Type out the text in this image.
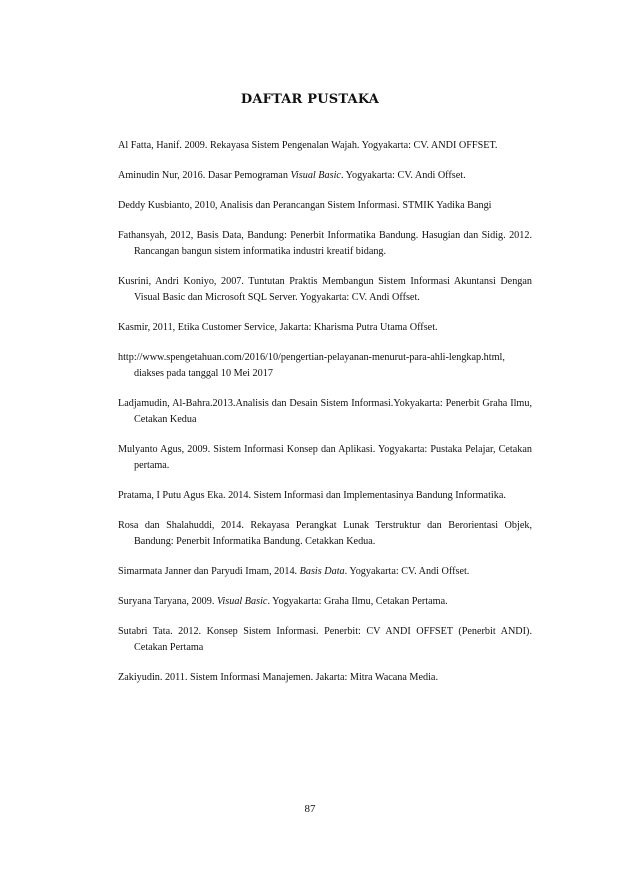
DAFTAR PUSTAKA
Al Fatta, Hanif. 2009. Rekayasa Sistem Pengenalan Wajah. Yogyakarta: CV. ANDI OFFSET.
Aminudin Nur, 2016. Dasar Pemograman Visual Basic. Yogyakarta: CV. Andi Offset.
Deddy Kusbianto, 2010, Analisis dan Perancangan Sistem Informasi. STMIK Yadika Bangi
Fathansyah, 2012, Basis Data, Bandung: Penerbit Informatika Bandung. Hasugian dan Sidig. 2012. Rancangan bangun sistem informatika industri kreatif bidang.
Kusrini, Andri Koniyo, 2007. Tuntutan Praktis Membangun Sistem Informasi Akuntansi Dengan Visual Basic dan Microsoft SQL Server. Yogyakarta: CV. Andi Offset.
Kasmir, 2011, Etika Customer Service, Jakarta: Kharisma Putra Utama Offset.
http://www.spengetahuan.com/2016/10/pengertian-pelayanan-menurut-para-ahli-lengkap.html, diakses pada tanggal 10 Mei 2017
Ladjamudin, Al-Bahra.2013.Analisis dan Desain Sistem Informasi.Yokyakarta: Penerbit Graha Ilmu, Cetakan Kedua
Mulyanto Agus, 2009. Sistem Informasi Konsep dan Aplikasi. Yogyakarta: Pustaka Pelajar, Cetakan pertama.
Pratama, I Putu Agus Eka. 2014. Sistem Informasi dan Implementasinya Bandung Informatika.
Rosa dan Shalahuddi, 2014. Rekayasa Perangkat Lunak Terstruktur dan Berorientasi Objek, Bandung: Penerbit Informatika Bandung. Cetakkan Kedua.
Simarmata Janner dan Paryudi Imam, 2014. Basis Data. Yogyakarta: CV. Andi Offset.
Suryana Taryana, 2009. Visual Basic. Yogyakarta: Graha Ilmu, Cetakan Pertama.
Sutabri Tata. 2012. Konsep Sistem Informasi. Penerbit: CV ANDI OFFSET (Penerbit ANDI). Cetakan Pertama
Zakiyudin. 2011. Sistem Informasi Manajemen. Jakarta: Mitra Wacana Media.
87
